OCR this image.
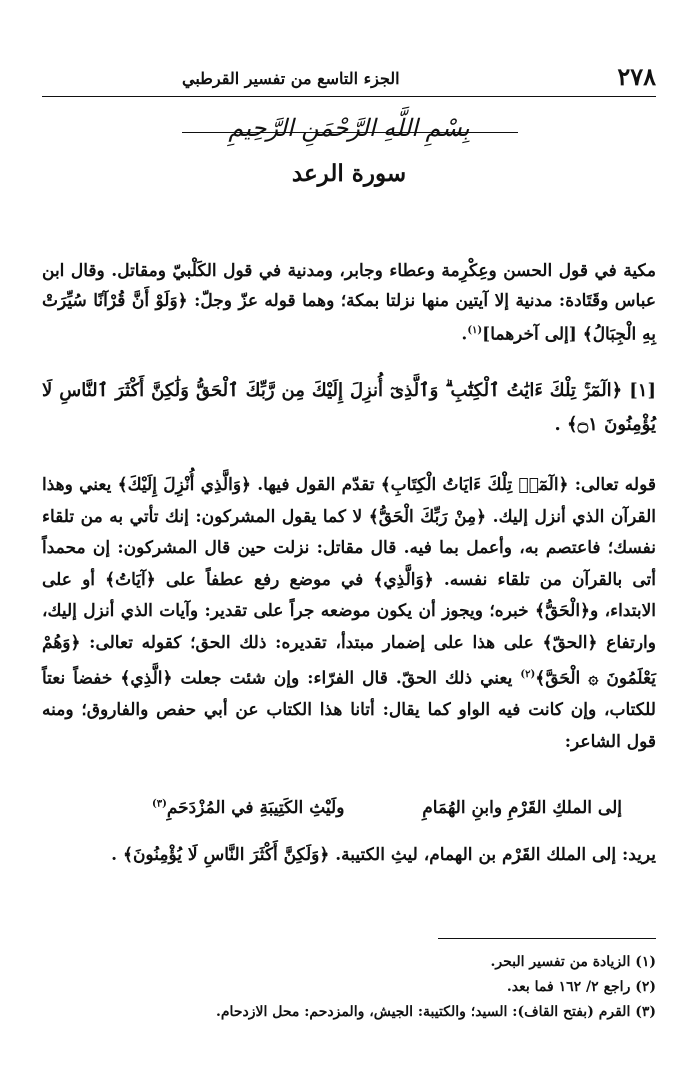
٢٧٨
الجزء التاسع من تفسير القرطبي
بِسْمِ اللَّهِ الرَّحْمَنِ الرَّحِيمِ
سورة الرعد
مكية في قول الحسن وعِكْرِمة وعطاء وجابر، ومدنية في قول الكَلْبيّ ومقاتل. وقال ابن عباس وقَتَادة: مدنية إلا آيتين منها نزلتا بمكة؛ وهما قوله عزّ وجلّ: ﴿وَلَوْ أَنَّ قُرْآنًا سُيِّرَتْ بِهِ الْجِبَالُ﴾ [إلى آخرهما]$^{(١)}$.
[١] ﴿الٓمٓرۚ تِلْكَ ءَايَٰتُ ٱلْكِتَٰبِ ۗ وَٱلَّذِىٓ أُنزِلَ إِلَيْكَ مِن رَّبِّكَ ٱلْحَقُّ وَلَٰكِنَّ أَكْثَرَ ٱلنَّاسِ لَا يُؤْمِنُونَ ۝١﴾ .
قوله تعالى: ﴿الٓمٓرۚ تِلْكَ ءَايَاتُ الْكِتَابِ﴾ تقدّم القول فيها. ﴿وَالَّذِي أُنْزِلَ إِلَيْكَ﴾ يعني وهذا القرآن الذي أنزل إليك. ﴿مِنْ رَبِّكَ الْحَقُّ﴾ لا كما يقول المشركون: إنك تأتي به من تلقاء نفسك؛ فاعتصم به، وأعمل بما فيه. قال مقاتل: نزلت حين قال المشركون: إن محمداً أتى بالقرآن من تلقاء نفسه. ﴿وَالَّذِي﴾ في موضع رفع عطفاً على ﴿آيَاتُ﴾ أو على الابتداء، و﴿الْحَقُّ﴾ خبره؛ ويجوز أن يكون موضعه جراً على تقدير: وآيات الذي أنزل إليك، وارتفاع ﴿الحقّ﴾ على هذا على إضمار مبتدأ، تقديره: ذلك الحق؛ كقوله تعالى: ﴿وَهُمْ يَعْلَمُونَ ۞ الْحَقَّ﴾$^{(٢)}$ يعني ذلك الحقّ. قال الفرّاء: وإن شئت جعلت ﴿الَّذِي﴾ خفضاً نعتاً للكتاب، وإن كانت فيه الواو كما يقال: أتانا هذا الكتاب عن أبي حفص والفاروق؛ ومنه قول الشاعر:
إلى الملكِ القَرْمِ وابنِ الهُمَامِ
ولَيْثِ الكَتِيبَةِ في المُزْدَحَمِ$^{(٣)}$
يريد: إلى الملك القَرْم بن الهمام، ليثِ الكتيبة. ﴿وَلَكِنَّ أَكْثَرَ النَّاسِ لَا يُؤْمِنُونَ﴾ .
(١) الزيادة من تفسير البحر.
(٢) راجع ٢/ ١٦٢ فما بعد.
(٣) القرم (بفتح القاف): السيد؛ والكتيبة: الجيش، والمزدحم: محل الازدحام.
